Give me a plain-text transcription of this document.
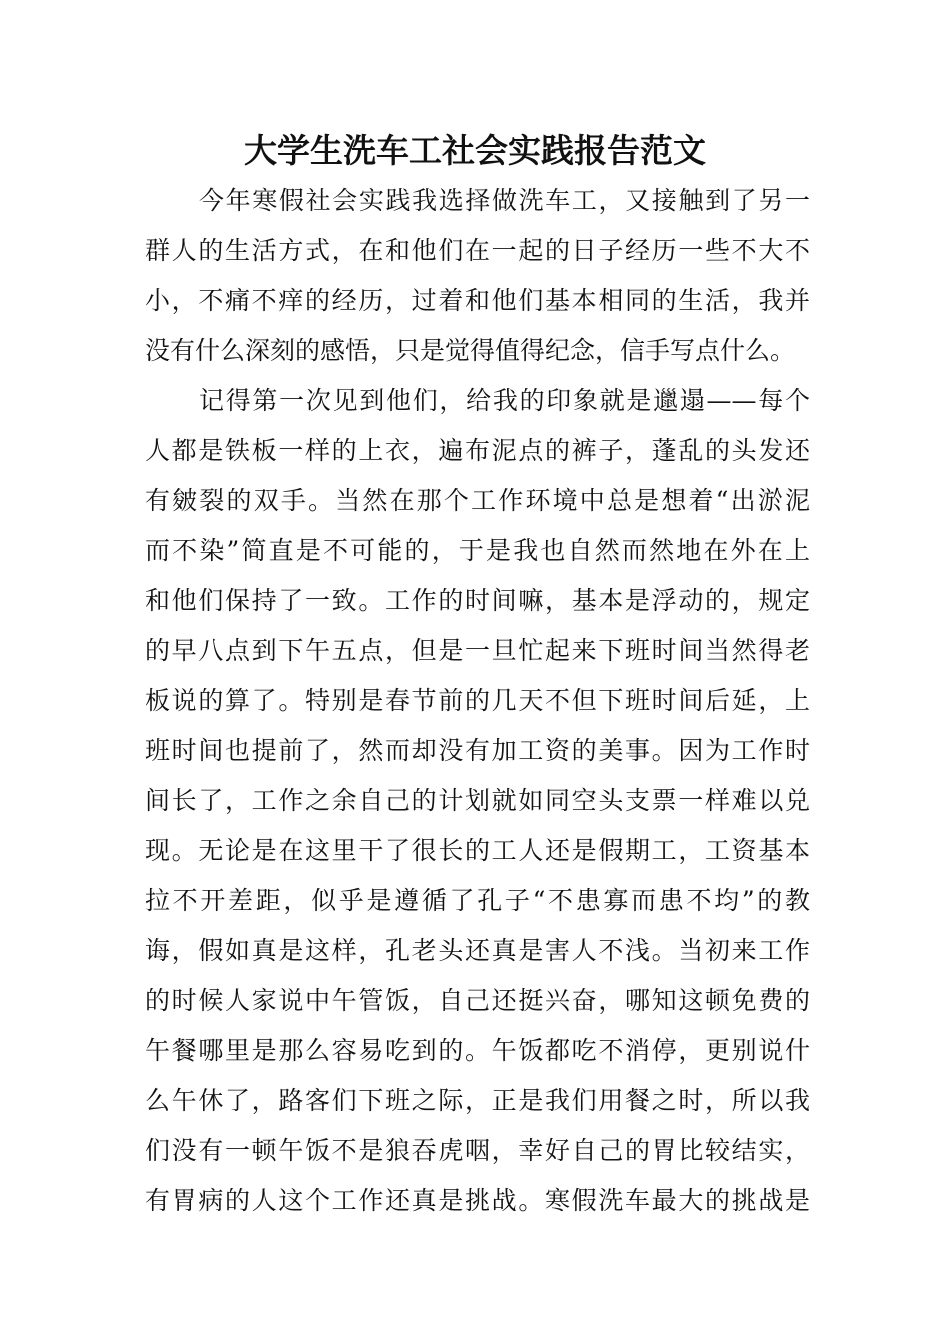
大学生洗车工社会实践报告范文
今年寒假社会实践我选择做洗车工，又接触到了另一
群人的生活方式，在和他们在一起的日子经历一些不大不
小，不痛不痒的经历，过着和他们基本相同的生活，我并
没有什么深刻的感悟，只是觉得值得纪念，信手写点什么。
记得第一次见到他们，给我的印象就是邋遢——每个
人都是铁板一样的上衣，遍布泥点的裤子，蓬乱的头发还
有皴裂的双手。当然在那个工作环境中总是想着“出淤泥
而不染”简直是不可能的，于是我也自然而然地在外在上
和他们保持了一致。工作的时间嘛，基本是浮动的，规定
的早八点到下午五点，但是一旦忙起来下班时间当然得老
板说的算了。特别是春节前的几天不但下班时间后延，上
班时间也提前了，然而却没有加工资的美事。因为工作时
间长了，工作之余自己的计划就如同空头支票一样难以兑
现。无论是在这里干了很长的工人还是假期工，工资基本
拉不开差距，似乎是遵循了孔子“不患寡而患不均”的教
诲，假如真是这样，孔老头还真是害人不浅。当初来工作
的时候人家说中午管饭，自己还挺兴奋，哪知这顿免费的
午餐哪里是那么容易吃到的。午饭都吃不消停，更别说什
么午休了，路客们下班之际，正是我们用餐之时，所以我
们没有一顿午饭不是狼吞虎咽，幸好自己的胃比较结实，
有胃病的人这个工作还真是挑战。寒假洗车最大的挑战是
